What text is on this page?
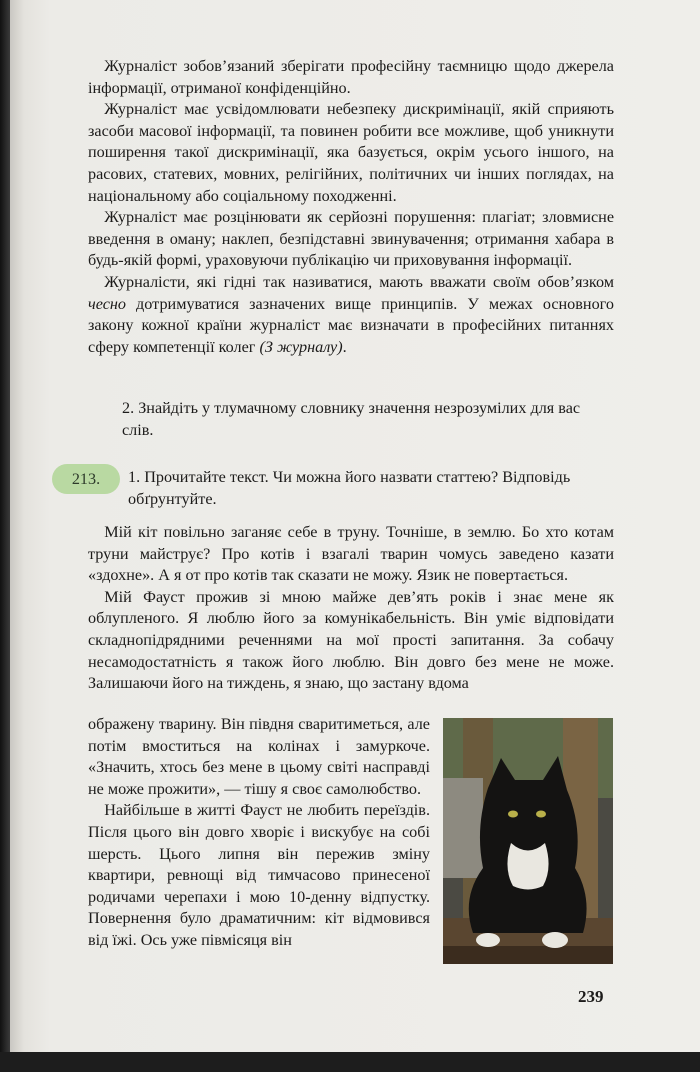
 Журналіст зобов’язаний зберігати професійну таємницю щодо джерела інформації, отриманої конфіденційно.

 Журналіст має усвідомлювати небезпеку дискримінації, якій сприяють засоби масової інформації, та повинен робити все можливе, щоб уникнути поширення такої дискримінації, яка базується, окрім усього іншого, на расових, статевих, мовних, релігійних, політичних чи інших поглядах, на національному або соціальному походженні.

 Журналіст має розцінювати як серйозні порушення: плагіат; зловмисне введення в оману; наклеп, безпідставні звинувачення; отримання хабара в будь-якій формі, ураховуючи публікацію чи приховування інформації.

 Журналісти, які гідні так називатися, мають вважати своїм обов’язком чесно дотримуватися зазначених вище принципів. У межах основного закону кожної країни журналіст має визначати в професійних питаннях сферу компетенції колег (З журналу).

2. Знайдіть у тлумачному словнику значення незрозумілих для вас слів.
213.	1. Прочитайте текст. Чи можна його назвати статтею? Відповідь обґрунтуйте.

 Мій кіт повільно заганяє себе в труну. Точніше, в землю. Бо хто котам труни майструє? Про котів і взагалі тварин чомусь заведено казати «здохне». А я от про котів так сказати не можу. Язик не повертається.

 Мій Фауст прожив зі мною майже дев’ять років і знає мене як облупленого. Я люблю його за комунікабельність. Він уміє відповідати складнопідрядними реченнями на мої прості запитання. За собачу несамодостатність я також його люблю. Він довго без мене не може. Залишаючи його на тиждень, я знаю, що застану вдома

ображену тварину. Він півдня сваритиметься, але потім вмоститься на колінах і замуркоче. «Значить, хтось без мене в цьому світі насправді не може прожити», — тішу я своє самолюбство.

 Найбільше в житті Фауст не любить переїздів. Після цього він довго хворіє і вискубує на собі шерсть. Цього липня він пережив зміну квартири, ревнощі від тимчасово принесеної родичами черепахи і мою 10-денну відпустку. Повернення було драматичним: кіт відмовився від їжі. Ось уже півмісяця він

239
